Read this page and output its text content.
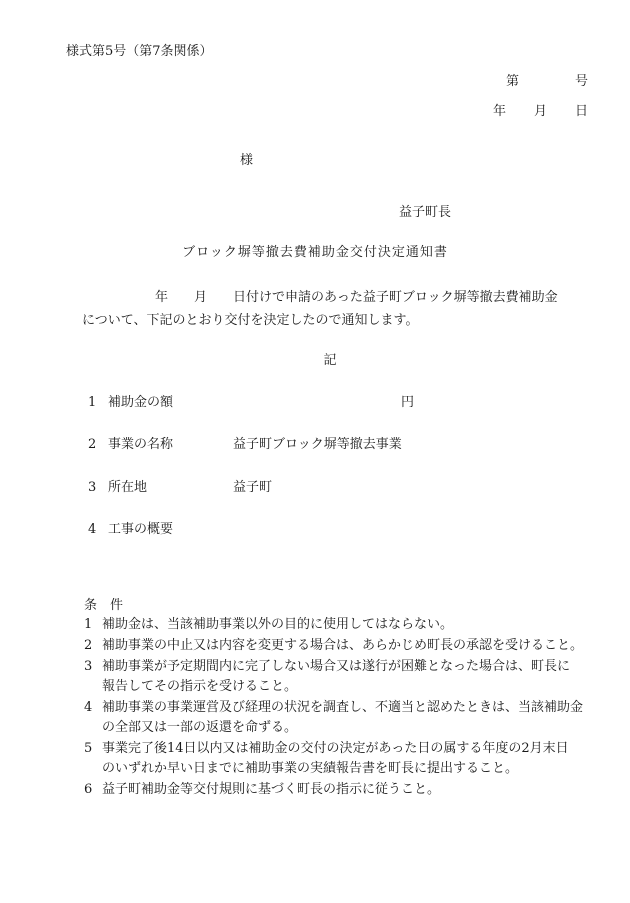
様式第5号（第7条関係）
第	号
年 月 日
様
益子町長
ブロック塀等撤去費補助金交付決定通知書
年　　月　　日付けで申請のあった益子町ブロック塀等撤去費補助金
について、下記のとおり交付を決定したので通知します。
記
1 補助金の額	円
2 事業の名称	益子町ブロック塀等撤去事業
3 所在地	益子町
4 工事の概要
条　件
1 補助金は、当該補助事業以外の目的に使用してはならない。
2 補助事業の中止又は内容を変更する場合は、あらかじめ町長の承認を受けること。
3 補助事業が予定期間内に完了しない場合又は遂行が困難となった場合は、町長に
報告してその指示を受けること。
4 補助事業の事業運営及び経理の状況を調査し、不適当と認めたときは、当該補助金
の全部又は一部の返還を命ずる。
5 事業完了後14日以内又は補助金の交付の決定があった日の属する年度の2月末日
のいずれか早い日までに補助事業の実績報告書を町長に提出すること。
6 益子町補助金等交付規則に基づく町長の指示に従うこと。
